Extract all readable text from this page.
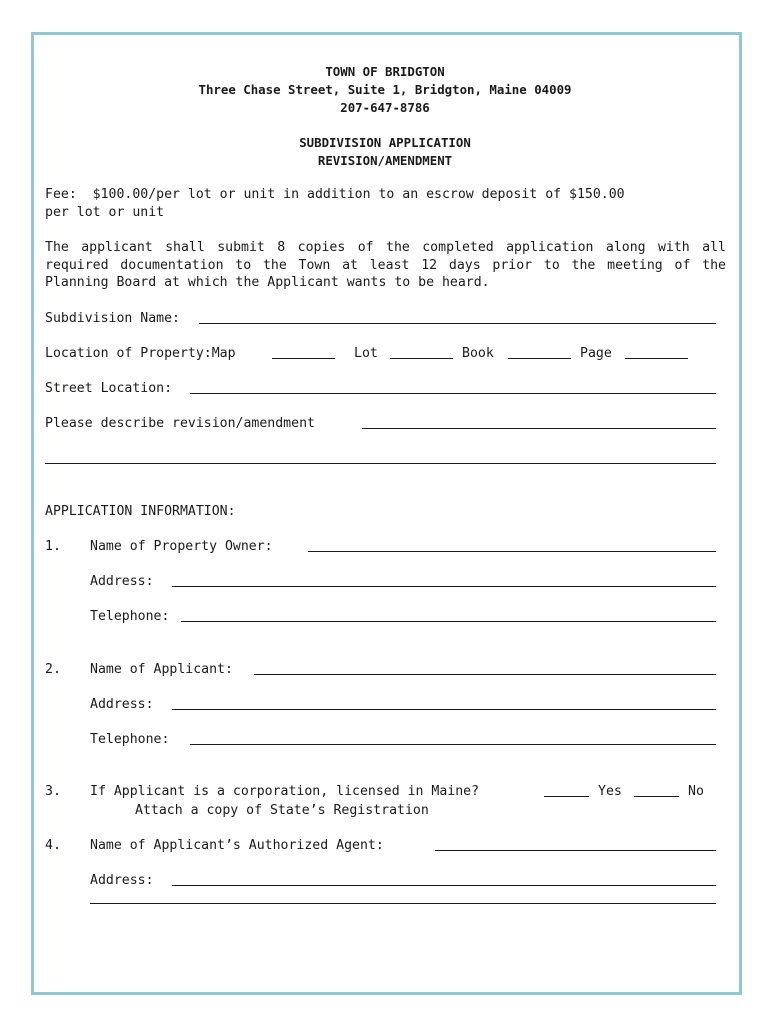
TOWN OF BRIDGTON
Three Chase Street, Suite 1, Bridgton, Maine 04009
207-647-8786
SUBDIVISION APPLICATION
REVISION/AMENDMENT
Fee:  $100.00/per lot or unit in addition to an escrow deposit of $150.00
per lot or unit
The applicant shall submit 8 copies of the completed application along with all required documentation to the Town at least 12 days prior to the meeting of the Planning Board at which the Applicant wants to be heard.
Subdivision Name:
Location of Property:Map	Lot	Book	Page
Street Location:
Please describe revision/amendment
APPLICATION INFORMATION:
1. Name of Property Owner:
Address:
Telephone:
2. Name of Applicant:
Address:
Telephone:
3. If Applicant is a corporation, licensed in Maine?	Yes	No
Attach a copy of State’s Registration
4. Name of Applicant’s Authorized Agent:
Address:
